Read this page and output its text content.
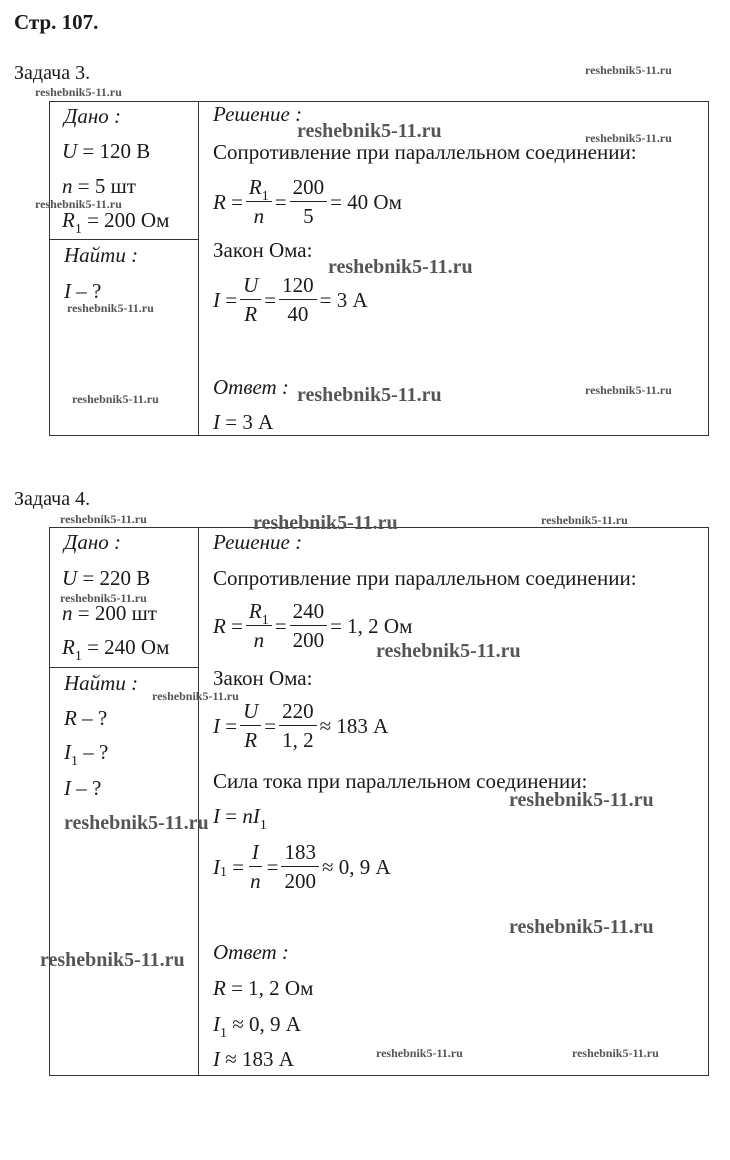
Стр. 107.
Задача 3.
Дано :
U = 120 В
n = 5 шт
$R_1 = 200$ Ом
Найти :
I – ?
Решение :
Сопротивление при параллельном соединении:
$R = \frac{R_1}{n} = \frac{200}{5} = 40$ Ом
Закон Ома:
$I = \frac{U}{R} = \frac{120}{40} = 3$ А
Ответ :
I = 3 А
Задача 4.
Дано :
U = 220 В
n = 200 шт
$R_1 = 240$ Ом
Найти :
R – ?
$I_1$ – ?
I – ?
Решение :
Сопротивление при параллельном соединении:
$R = \frac{R_1}{n} = \frac{240}{200} = 1$, 2 Ом
Закон Ома:
$I = \frac{U}{R} = \frac{220}{1, 2} \approx 183$ А
Сила тока при параллельном соединении:
$I = nI_1$
I $1 = \frac{I}{n} = \frac{183}{200} \approx 0$, 9 А
Ответ :
R = 1, 2 Ом
$I_1 \approx 0$, 9 А
I ≈ 183 А
reshebnik5-11.ru
reshebnik5-11.ru
reshebnik5-11.ru	reshebnik5-11.ru
reshebnik5-11.ru
reshebnik5-11.ru
reshebnik5-11.ru
reshebnik5-11.ru	reshebnik5-11.ru
reshebnik5-11.ru
reshebnik5-11.ru	reshebnik5-11.ru	reshebnik5-11.ru
reshebnik5-11.ru
reshebnik5-11.ru
reshebnik5-11.ru
reshebnik5-11.ru
reshebnik5-11.ru
reshebnik5-11.ru
reshebnik5-11.ru
reshebnik5-11.ru	reshebnik5-11.ru
